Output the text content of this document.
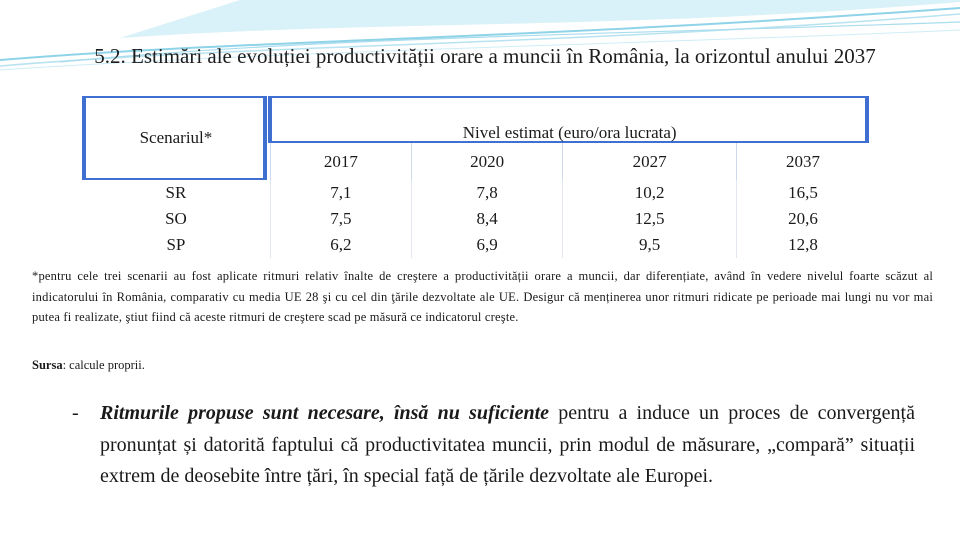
5.2. Estimări ale evoluției productivității orare a muncii în România, la orizontul anului 2037
Scenariul*	Nivel estimat (euro/ora lucrata)			
	2017	2020	2027	2037
SR	7,1	7,8	10,2	16,5
SO	7,5	8,4	12,5	20,6
SP	6,2	6,9	9,5	12,8
*pentru cele trei scenarii au fost aplicate ritmuri relativ înalte de creştere a productivității orare a muncii, dar diferențiate, având în vedere nivelul foarte scăzut al indicatorului în România, comparativ cu media UE 28 şi cu cel din ţările dezvoltate ale UE. Desigur că menținerea unor ritmuri ridicate pe perioade mai lungi nu vor mai putea fi realizate, ştiut fiind că aceste ritmuri de creştere scad pe măsură ce indicatorul creşte.
Sursa: calcule proprii.
-	Ritmurile propuse sunt necesare, însă nu suficiente pentru a induce un proces de convergență pronunțat și datorită faptului că productivitatea muncii, prin modul de măsurare, „compară” situații extrem de deosebite între țări, în special față de țările dezvoltate ale Europei.
